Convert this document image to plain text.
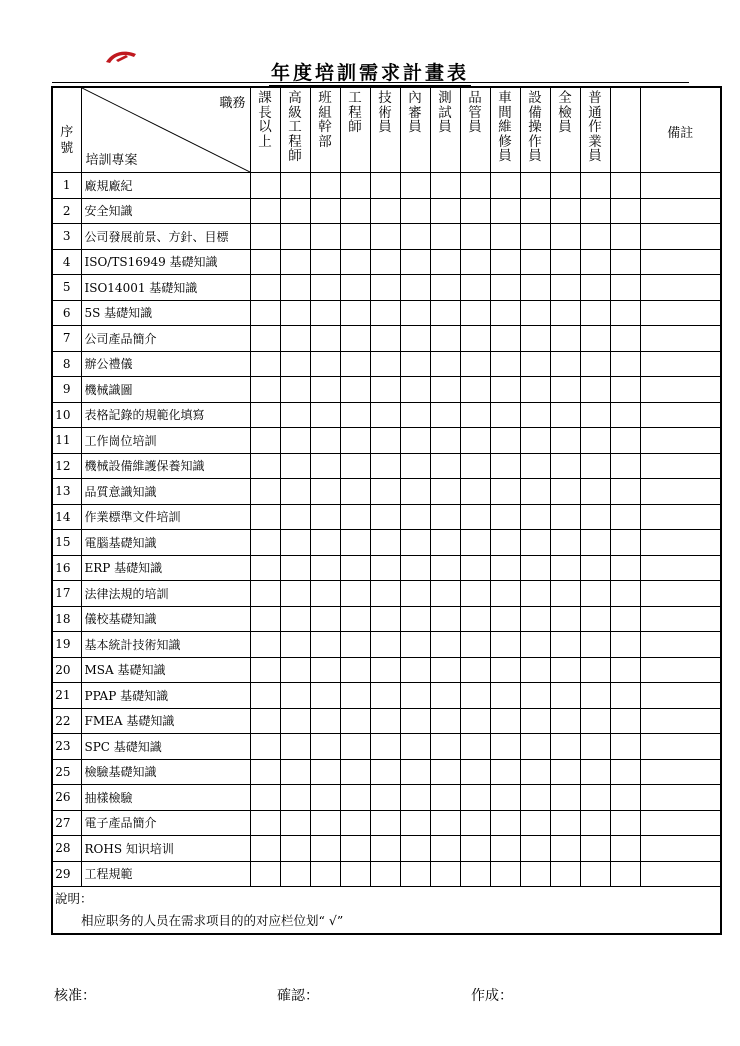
年度培訓需求計畫表
序號	職務
培訓專案	課長以上	高級工程師	班組幹部	工程師	技術員	內審員	測試員	品管員	車間維修員	設備操作員	全檢員	普通作業員		備註
1	廠規廠紀														
2	安全知識														
3	公司發展前景、方針、目標														
4	ISO/TS16949 基礎知識														
5	ISO14001 基礎知識														
6	5S 基礎知識														
7	公司產品簡介														
8	辦公禮儀														
9	機械識圖														
10	表格記錄的規範化填寫														
11	工作崗位培訓														
12	機械設備維護保養知識														
13	品質意識知識														
14	作業標準文件培訓														
15	電腦基礎知識														
16	ERP 基礎知識														
17	法律法規的培訓														
18	儀校基礎知識														
19	基本統計技術知識														
20	MSA 基礎知識														
21	PPAP 基礎知識														
22	FMEA 基礎知識														
23	SPC 基礎知識														
25	檢驗基礎知識														
26	抽樣檢驗														
27	電子產品簡介														
28	ROHS 知识培训														
29	工程規範														

說明：
相应职务的人员在需求项目的的对应栏位划“ √”															
核准：	確認：	作成：
